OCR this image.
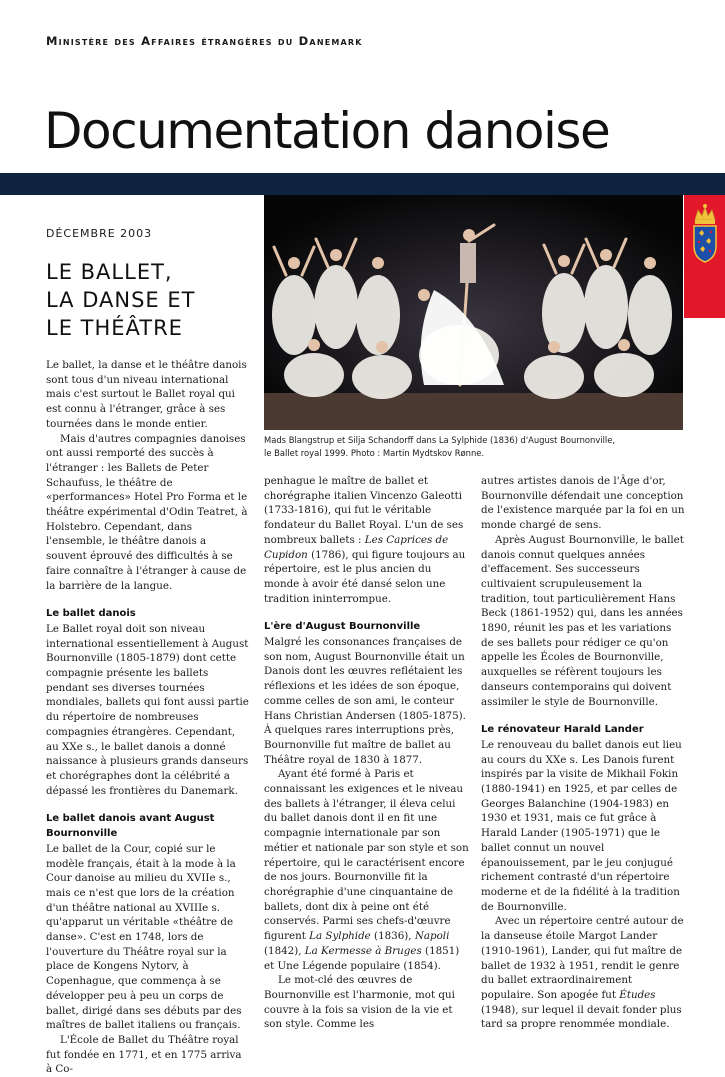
Ministère des Affaires étrangères du Danemark
Documentation danoise
DÉCEMBRE 2003
LE BALLET,
LA DANSE ET
LE THÉÂTRE
Mads Blangstrup et Silja Schandorff dans La Sylphide (1836) d'August Bournonville,
le Ballet royal 1999. Photo : Martin Mydtskov Rønne.

Le ballet, la danse et le théâtre danois sont tous d'un niveau international mais c'est surtout le Ballet royal qui est connu à l'étranger, grâce à ses tournées dans le monde entier.

Mais d'autres compagnies danoises ont aussi remporté des succès à l'étranger : les Ballets de Peter Schaufuss, le théâtre de «performances» Hotel Pro Forma et le théâtre expérimental d'Odin Teatret, à Holstebro. Cependant, dans l'ensemble, le théâtre danois a souvent éprouvé des difficultés à se faire connaître à l'étranger à cause de la barrière de la langue.

Le ballet danois

Le Ballet royal doit son niveau international essentiellement à August Bournonville (1805-1879) dont cette compagnie présente les ballets pendant ses diverses tournées mondiales, ballets qui font aussi partie du répertoire de nombreuses compagnies étrangères. Cependant, au XXe s., le ballet danois a donné naissance à plusieurs grands danseurs et chorégraphes dont la célébrité a dépassé les frontières du Danemark.

Le ballet danois avant August Bournonville

Le ballet de la Cour, copié sur le modèle français, était à la mode à la Cour danoise au milieu du XVIIe s., mais ce n'est que lors de la création d'un théâtre national au XVIIIe s. qu'apparut un véritable «théâtre de danse». C'est en 1748, lors de l'ouverture du Théâtre royal sur la place de Kongens Nytorv, à Copenhague, que commença à se développer peu à peu un corps de ballet, dirigé dans ses débuts par des maîtres de ballet italiens ou français.

L'École de Ballet du Théâtre royal fut fondée en 1771, et en 1775 arriva à Co-

penhague le maître de ballet et chorégraphe italien Vincenzo Galeotti (1733-1816), qui fut le véritable fondateur du Ballet Royal. L'un de ses nombreux ballets : Les Caprices de Cupidon (1786), qui figure toujours au répertoire, est le plus ancien du monde à avoir été dansé selon une tradition ininterrompue.

L'ère d'August Bournonville

Malgré les consonances françaises de son nom, August Bournonville était un Danois dont les œuvres reflétaient les réflexions et les idées de son époque, comme celles de son ami, le conteur Hans Christian Andersen (1805-1875). À quelques rares interruptions près, Bournonville fut maître de ballet au Théâtre royal de 1830 à 1877.

Ayant été formé à Paris et connaissant les exigences et le niveau des ballets à l'étranger, il éleva celui du ballet danois dont il en fit une compagnie internationale par son métier et nationale par son style et son répertoire, qui le caractérisent encore de nos jours. Bournonville fit la chorégraphie d'une cinquantaine de ballets, dont dix à peine ont été conservés. Parmi ses chefs-d'œuvre figurent La Sylphide (1836), Napoli (1842), La Kermesse à Bruges (1851) et Une Légende populaire (1854).

Le mot-clé des œuvres de Bournonville est l'harmonie, mot qui couvre à la fois sa vision de la vie et son style. Comme les

autres artistes danois de l'Âge d'or, Bournonville défendait une conception de l'existence marquée par la foi en un monde chargé de sens.

Après August Bournonville, le ballet danois connut quelques années d'effacement. Ses successeurs cultivaient scrupuleusement la tradition, tout particulièrement Hans Beck (1861-1952) qui, dans les années 1890, réunit les pas et les variations de ses ballets pour rédiger ce qu'on appelle les Écoles de Bournonville, auxquelles se réfèrent toujours les danseurs contemporains qui doivent assimiler le style de Bournonville.

Le rénovateur Harald Lander

Le renouveau du ballet danois eut lieu au cours du XXe s. Les Danois furent inspirés par la visite de Mikhail Fokin (1880-1941) en 1925, et par celles de Georges Balanchine (1904-1983) en 1930 et 1931, mais ce fut grâce à Harald Lander (1905-1971) que le ballet connut un nouvel épanouissement, par le jeu conjugué richement contrasté d'un répertoire moderne et de la fidélité à la tradition de Bournonville.

Avec un répertoire centré autour de la danseuse étoile Margot Lander (1910-1961), Lander, qui fut maître de ballet de 1932 à 1951, rendit le genre du ballet extraordinairement populaire. Son apogée fut Études (1948), sur lequel il devait fonder plus tard sa propre renommée mondiale.
